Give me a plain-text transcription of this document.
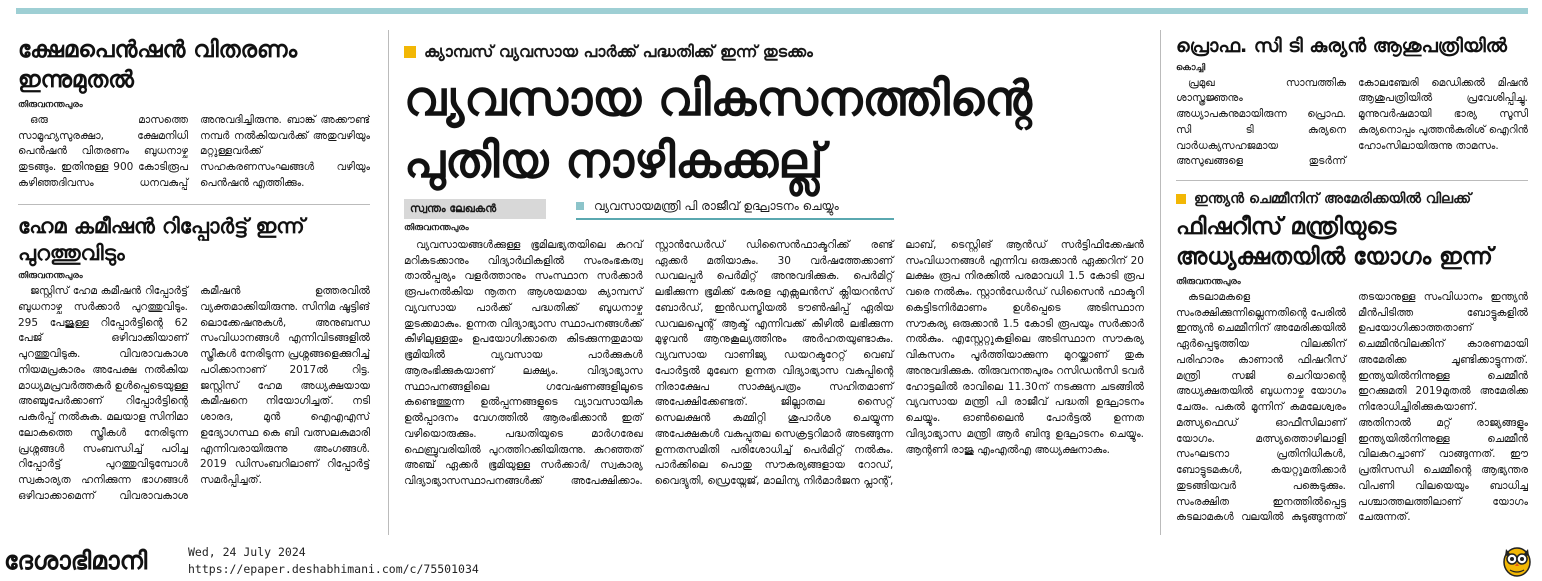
ക്ഷേമപെൻഷൻ വിതരണം ഇന്നുമുതൽ
തിരുവനന്തപുരം

ഒരു മാസത്തെ സാമൂഹ്യസുരക്ഷാ, ക്ഷേമനിധി പെൻഷൻ വിതരണം ബുധനാഴ്ച തുടങ്ങും. ഇതിനുള്ള 900 കോടിരൂപ കഴിഞ്ഞദിവസം ധനവകുപ്പ് അനുവദിച്ചിരുന്നു. ബാങ്ക് അക്കൗണ്ട് നമ്പർ നൽകിയവർക്ക് അതുവഴിയും മറ്റുള്ളവർക്ക് സഹകരണസംഘങ്ങൾ വഴിയും പെൻഷൻ എത്തിക്കും.

ഹേമ കമീഷൻ റിപ്പോർട്ട് ഇന്ന് പുറത്തുവിടും
തിരുവനന്തപുരം

ജസ്റ്റിസ് ഹേമ കമീഷൻ റിപ്പോർട്ട് ബുധനാഴ്ച സർക്കാർ പുറത്തുവിടും. 295 പേജുള്ള റിപ്പോർട്ടിന്റെ 62 പേജ് ഒഴിവാക്കിയാണ് പുറത്തുവിടുക. വിവരാവകാശ നിയമപ്രകാരം അപേക്ഷ നൽകിയ മാധ്യമപ്രവർത്തകർ ഉൾപ്പെടെയുള്ള അഞ്ചുപേർക്കാണ് റിപ്പോർട്ടിന്റെ പകർപ്പ് നൽകുക. മലയാള സിനിമാ ലോകത്തെ സ്ത്രീകൾ നേരിടുന്ന പ്രശ്നങ്ങൾ സംബന്ധിച്ച് പഠിച്ച റിപ്പോർട്ട് പുറത്തുവിടുമ്പോൾ സ്വകാര്യത ഹനിക്കുന്ന ഭാഗങ്ങൾ ഒഴിവാക്കാമെന്ന് വിവരാവകാശ കമീഷൻ ഉത്തരവിൽ വ്യക്തമാക്കിയിരുന്നു. സിനിമ ഷൂട്ടിങ് ലൊക്കേഷനുകൾ, അനുബന്ധ സംവിധാനങ്ങൾ എന്നിവിടങ്ങളിൽ സ്ത്രീകൾ നേരിടുന്ന പ്രശ്നങ്ങളെക്കുറിച്ച് പഠിക്കാനാണ് 2017ൽ റിട്ട. ജസ്റ്റിസ് ഹേമ അധ്യക്ഷയായ കമീഷനെ നിയോഗിച്ചത്. നടി ശാരദ, മുൻ ഐഎഎസ് ഉദ്യോഗസ്ഥ കെ ബി വത്സലകുമാരി എന്നിവരായിരുന്നു അംഗങ്ങൾ. 2019 ഡിസംബറിലാണ് റിപ്പോർട്ട് സമർപ്പിച്ചത്.

ക്യാമ്പസ് വ്യവസായ പാർക്ക് പദ്ധതിക്ക് ഇന്ന് തുടക്കം
വ്യവസായ വികസനത്തിന്റെ
പുതിയ നാഴികക്കല്ല്
സ്വന്തം ലേഖകൻ
തിരുവനന്തപുരം
വ്യവസായമന്ത്രി പി രാജീവ് ഉദ്ഘാടനം ചെയ്യും

വ്യവസായങ്ങൾക്കുള്ള ഭൂമിലഭ്യതയിലെ കുറവ് മറികടക്കാനും വിദ്യാർഥികളിൽ സംരംഭകത്വ താൽപ്പര്യം വളർത്താനും സംസ്ഥാന സർക്കാർ രൂപംനൽകിയ നൂതന ആശയമായ ക്യാമ്പസ് വ്യവസായ പാർക്ക് പദ്ധതിക്ക് ബുധനാഴ്ച തുടക്കമാകും. ഉന്നത വിദ്യാഭ്യാസ സ്ഥാപനങ്ങൾക്ക് കീഴിലുള്ളതും ഉപയോഗിക്കാതെ കിടക്കുന്നതുമായ ഭൂമിയിൽ വ്യവസായ പാർക്കുകൾ ആരംഭിക്കുകയാണ് ലക്ഷ്യം. വിദ്യാഭ്യാസ സ്ഥാപനങ്ങളിലെ ഗവേഷണങ്ങളിലൂടെ കണ്ടെത്തുന്ന ഉൽപ്പന്നങ്ങളുടെ വ്യാവസായിക ഉൽപ്പാദനം വേഗത്തിൽ ആരംഭിക്കാൻ ഇത് വഴിയൊരുക്കും. പദ്ധതിയുടെ മാർഗരേഖ ഫെബ്രുവരിയിൽ പുറത്തിറക്കിയിരുന്നു. കുറഞ്ഞത് അഞ്ച് ഏക്കർ ഭൂമിയുള്ള സർക്കാർ/ സ്വകാര്യ വിദ്യാഭ്യാസസ്ഥാപനങ്ങൾക്ക് അപേക്ഷിക്കാം. സ്റ്റാൻഡേർഡ് ഡിസൈൻഫാക്ടറിക്ക് രണ്ട് ഏക്കർ മതിയാകും. 30 വർഷത്തേക്കാണ് ഡവലപ്പർ പെർമിറ്റ് അനുവദിക്കുക. പെർമിറ്റ് ലഭിക്കുന്ന ഭൂമിക്ക് കേരള എക്സലൻസ് ക്ലിയറൻസ് ബോർഡ്, ഇൻഡസ്ട്രിയൽ ടൗൺഷിപ്പ് ഏരിയ ഡവലപ്മെന്റ് ആക്ട് എന്നിവക്ക് കീഴിൽ ലഭിക്കുന്ന മുഴുവൻ ആനുകൂല്യത്തിനും അർഹതയുണ്ടാകും. വ്യവസായ വാണിജ്യ ഡയറക്ടറേറ്റ് വെബ് പോർട്ടൽ മുഖേന ഉന്നത വിദ്യാഭ്യാസ വകുപ്പിന്റെ നിരാക്ഷേപ സാക്ഷ്യപത്രം സഹിതമാണ് അപേക്ഷിക്കേണ്ടത്. ജില്ലാതല സൈറ്റ് സെലക്ഷൻ കമ്മിറ്റി ശുപാർശ ചെയ്യുന്ന അപേക്ഷകൾ വകുപ്പുതല സെക്രട്ടറിമാർ അടങ്ങുന്ന ഉന്നതസമിതി പരിശോധിച്ച് പെർമിറ്റ് നൽകും. പാർക്കിലെ പൊതു സൗകര്യങ്ങളായ റോഡ്, വൈദ്യുതി, ഡ്രെയ്നേജ്, മാലിന്യ നിർമാർജന പ്ലാന്റ്, ലാബ്, ടെസ്റ്റിങ് ആൻഡ് സർട്ടിഫിക്കേഷൻ സംവിധാനങ്ങൾ എന്നിവ ഒരുക്കാൻ ഏക്കറിന് 20 ലക്ഷം രൂപ നിരക്കിൽ പരമാവധി 1.5 കോടി രൂപ വരെ നൽകും. സ്റ്റാൻഡേർഡ് ഡിസൈൻ ഫാക്ടറി കെട്ടിടനിർമാണം ഉൾപ്പെടെ അടിസ്ഥാന സൗകര്യ ഒരുക്കാൻ 1.5 കോടി രൂപയും സർക്കാർ നൽകും. എസ്റ്റേറ്റുകളിലെ അടിസ്ഥാന സൗകര്യ വികസനം പൂർത്തിയാക്കുന്ന മുറയ്ക്കാണ് തുക അനുവദിക്കുക. തിരുവനന്തപുരം റസിഡൻസി ടവർ ഹോട്ടലിൽ രാവിലെ 11.30ന് നടക്കുന്ന ചടങ്ങിൽ വ്യവസായ മന്ത്രി പി രാജീവ് പദ്ധതി ഉദ്ഘാടനം ചെയ്യും. ഓൺലൈൻ പോർട്ടൽ ഉന്നത വിദ്യാഭ്യാസ മന്ത്രി ആർ ബിന്ദു ഉദ്ഘാടനം ചെയ്യും. ആന്റണി രാജു എംഎൽഎ അധ്യക്ഷനാകും.

പ്രൊഫ. സി ടി കുര്യൻ ആശുപത്രിയിൽ
കൊച്ചി

പ്രമുഖ സാമ്പത്തിക ശാസ്ത്രജ്ഞനും അധ്യാപകനുമായിരുന്ന പ്രൊഫ. സി ടി കുര്യനെ വാർധക്യസഹജമായ അസുഖങ്ങളെ തുടർന്ന് കോലഞ്ചേരി മെഡിക്കൽ മിഷൻ ആശുപത്രിയിൽ പ്രവേശിപ്പിച്ചു. മൂന്നുവർഷമായി ഭാര്യ സൂസി കുര്യനൊപ്പം പുത്തൻകുരിശ് ഐറിൻ ഹോംസിലായിരുന്നു താമസം.

ഇന്ത്യൻ ചെമ്മീനിന് അമേരിക്കയിൽ വിലക്ക്
ഫിഷറീസ് മന്ത്രിയുടെ അധ്യക്ഷതയിൽ യോഗം ഇന്ന്
തിരുവനന്തപുരം

കടലാമകളെ സംരക്ഷിക്കുന്നില്ലെന്നതിന്റെ പേരിൽ ഇന്ത്യൻ ചെമ്മീനിന് അമേരിക്കയിൽ ഏർപ്പെടുത്തിയ വിലക്കിന് പരിഹാരം കാണാൻ ഫിഷറീസ് മന്ത്രി സജി ചെറിയാന്റെ അധ്യക്ഷതയിൽ ബുധനാഴ്ച യോഗം ചേരും. പകൽ മൂന്നിന് കമലേശ്വരം മത്സ്യഫെഡ് ഓഫീസിലാണ് യോഗം. മത്സ്യത്തൊഴിലാളി സംഘടനാ പ്രതിനിധികൾ, ബോട്ടുടമകൾ, കയറ്റുമതിക്കാർ തുടങ്ങിയവർ പങ്കെടുക്കും. സംരക്ഷിത ഇനത്തിൽപ്പെട്ട കടലാമകൾ വലയിൽ കുടുങ്ങുന്നത് തടയാനുള്ള സംവിധാനം ഇന്ത്യൻ മീൻപിടിത്ത ബോട്ടുകളിൽ ഉപയോഗിക്കാത്തതാണ് ചെമ്മീൻവിലക്കിന് കാരണമായി അമേരിക്ക ചൂണ്ടിക്കാട്ടുന്നത്. ഇന്ത്യയിൽനിന്നുള്ള ചെമ്മീൻ ഇറക്കുമതി 2019മുതൽ അമേരിക്ക നിരോധിച്ചിരിക്കുകയാണ്. അതിനാൽ മറ്റ് രാജ്യങ്ങളും ഇന്ത്യയിൽനിന്നുള്ള ചെമ്മീൻ വിലകുറച്ചാണ് വാങ്ങുന്നത്. ഈ പ്രതിസന്ധി ചെമ്മീന്റെ ആഭ്യന്തര വിപണി വിലയെയും ബാധിച്ച പശ്ചാത്തലത്തിലാണ് യോഗം ചേരുന്നത്.

ദേശാഭിമാനി	Wed, 24 July 2024
https://epaper.deshabhimani.com/c/75501034
